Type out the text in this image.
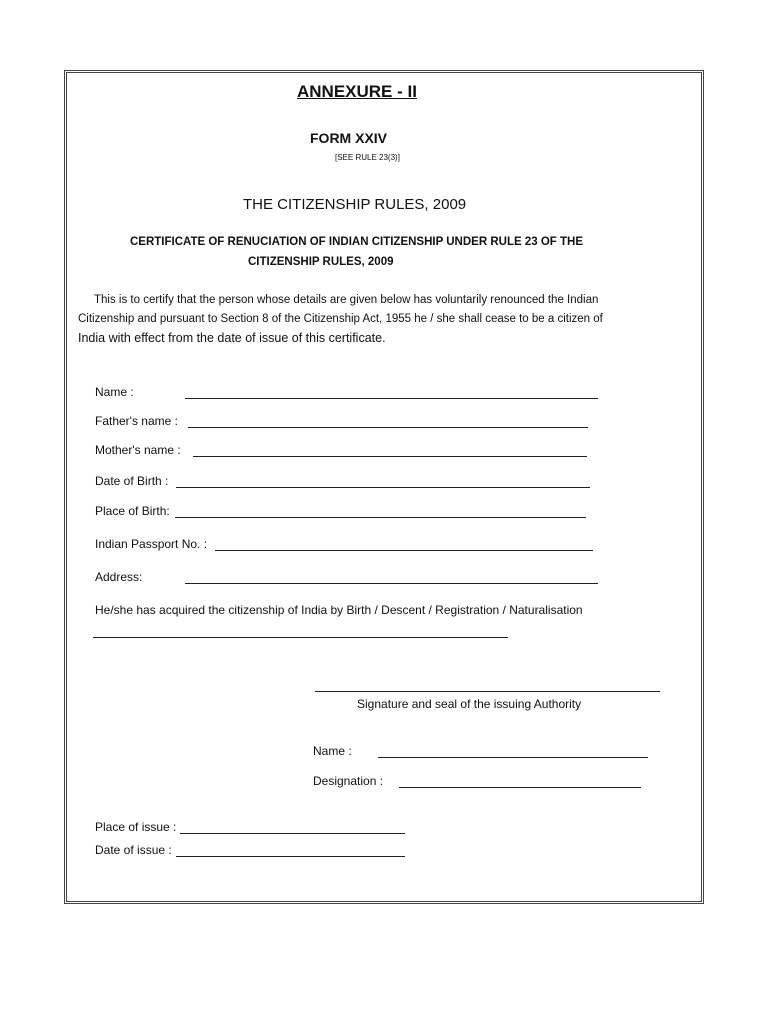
ANNEXURE - II
FORM XXIV
[SEE RULE 23(3)]
THE CITIZENSHIP RULES, 2009
CERTIFICATE OF RENUCIATION OF INDIAN CITIZENSHIP UNDER RULE 23 OF THE
CITIZENSHIP RULES, 2009
This is to certify that the person whose details are given below has voluntarily renounced the Indian
Citizenship and pursuant to Section 8 of the Citizenship Act, 1955 he / she shall cease to be a citizen of
India with effect from the date of issue of this certificate.
Name :
Father's name :
Mother's name :
Date of Birth :
Place of Birth:
Indian Passport No. :
Address:
He/she has acquired the citizenship of India by Birth / Descent / Registration / Naturalisation
Signature and seal of the issuing Authority
Name :
Designation :
Place of issue :
Date of issue :
